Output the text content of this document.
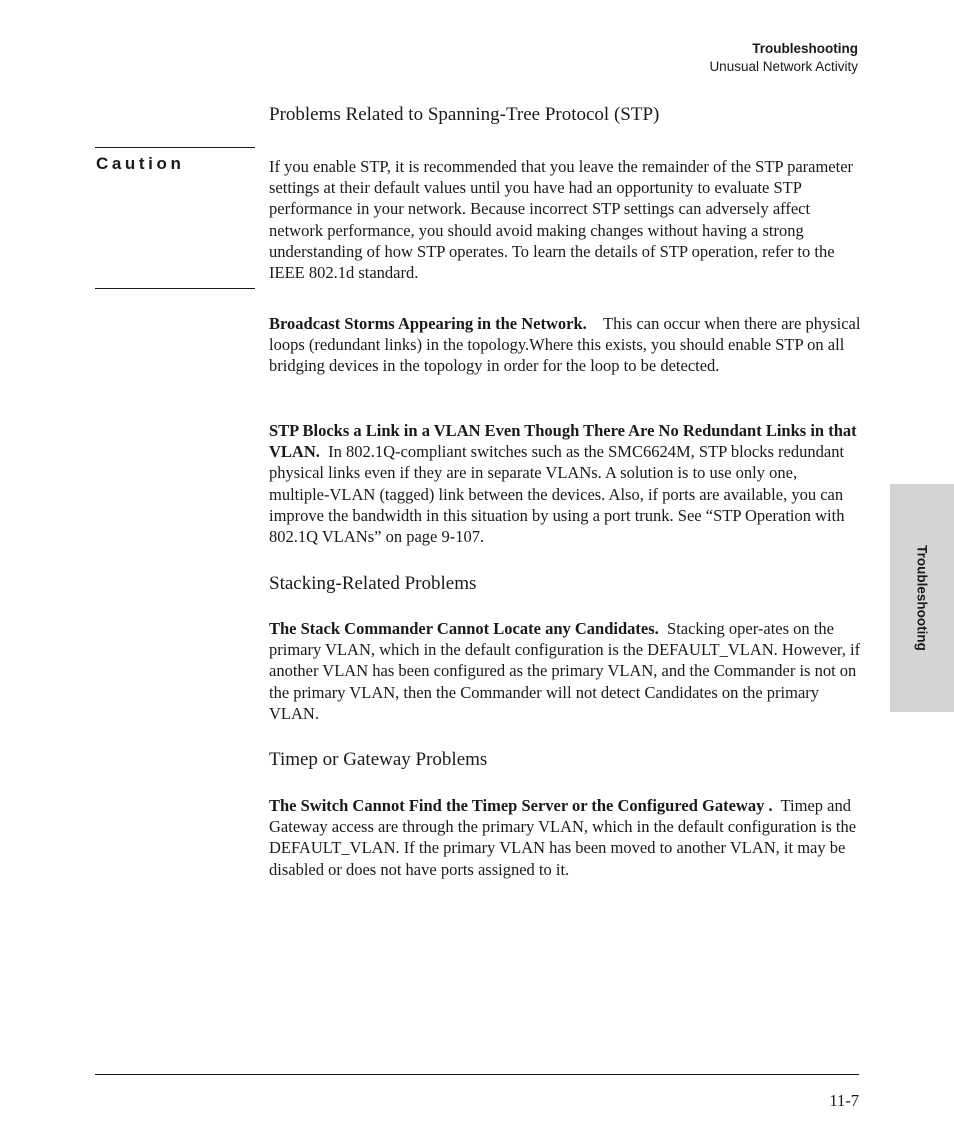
Troubleshooting
Unusual Network Activity
Problems Related to Spanning-Tree Protocol (STP)
Caution	If you enable STP, it is recommended that you leave the remainder of the STP parameter settings at their default values until you have had an opportunity to evaluate STP performance in your network. Because incorrect STP settings can adversely affect network performance, you should avoid making changes without having a strong understanding of how STP operates. To learn the details of STP operation, refer to the IEEE 802.1d standard.

Broadcast Storms Appearing in the Network. This can occur when there are physical loops (redundant links) in the topology.Where this exists, you should enable STP on all bridging devices in the topology in order for the loop to be detected.

STP Blocks a Link in a VLAN Even Though There Are No Redundant Links in that VLAN. In 802.1Q-compliant switches such as the SMC6624M, STP blocks redundant physical links even if they are in separate VLANs. A solution is to use only one, multiple-VLAN (tagged) link between the devices. Also, if ports are available, you can improve the bandwidth in this situation by using a port trunk. See “STP Operation with 802.1Q VLANs” on page 9-107.

Stacking-Related Problems

The Stack Commander Cannot Locate any Candidates. Stacking oper-ates on the primary VLAN, which in the default configuration is the DEFAULT_VLAN. However, if another VLAN has been configured as the primary VLAN, and the Commander is not on the primary VLAN, then the Commander will not detect Candidates on the primary VLAN.

Timep or Gateway Problems

The Switch Cannot Find the Timep Server or the Configured Gateway . Timep and Gateway access are through the primary VLAN, which in the default configuration is the DEFAULT_VLAN. If the primary VLAN has been moved to another VLAN, it may be disabled or does not have ports assigned to it.

Troubleshooting
11-7
